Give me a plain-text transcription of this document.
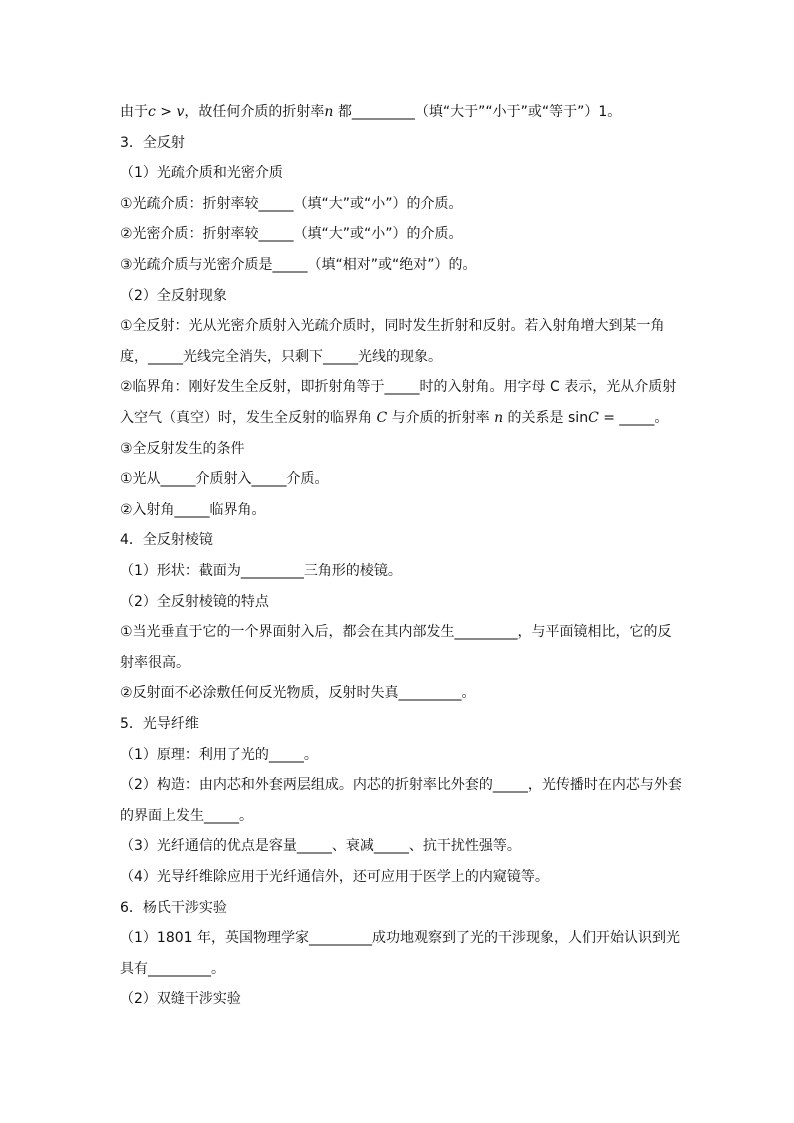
由于c > v，故任何介质的折射率n 都_________（填“大于”“小于”或“等于”）1。
3．全反射
（1）光疏介质和光密介质
①光疏介质：折射率较_____（填“大”或“小”）的介质。
②光密介质：折射率较_____（填“大”或“小”）的介质。
③光疏介质与光密介质是_____（填“相对”或“绝对”）的。
（2）全反射现象
①全反射：光从光密介质射入光疏介质时，同时发生折射和反射。若入射角增大到某一角
度，_____光线完全消失，只剩下_____光线的现象。
②临界角：刚好发生全反射，即折射角等于_____时的入射角。用字母 C 表示，光从介质射
入空气（真空）时，发生全反射的临界角 C 与介质的折射率 n 的关系是 sinC = _____。
③全反射发生的条件
①光从_____介质射入_____介质。
②入射角_____临界角。
4．全反射棱镜
（1）形状：截面为_________三角形的棱镜。
（2）全反射棱镜的特点
①当光垂直于它的一个界面射入后，都会在其内部发生_________，与平面镜相比，它的反
射率很高。
②反射面不必涂敷任何反光物质，反射时失真_________。
5．光导纤维
（1）原理：利用了光的_____。
（2）构造：由内芯和外套两层组成。内芯的折射率比外套的_____，光传播时在内芯与外套
的界面上发生_____。
（3）光纤通信的优点是容量_____、衰减_____、抗干扰性强等。
（4）光导纤维除应用于光纤通信外，还可应用于医学上的内窥镜等。
6．杨氏干涉实验
（1）1801 年，英国物理学家_________成功地观察到了光的干涉现象，人们开始认识到光
具有_________。
（2）双缝干涉实验
